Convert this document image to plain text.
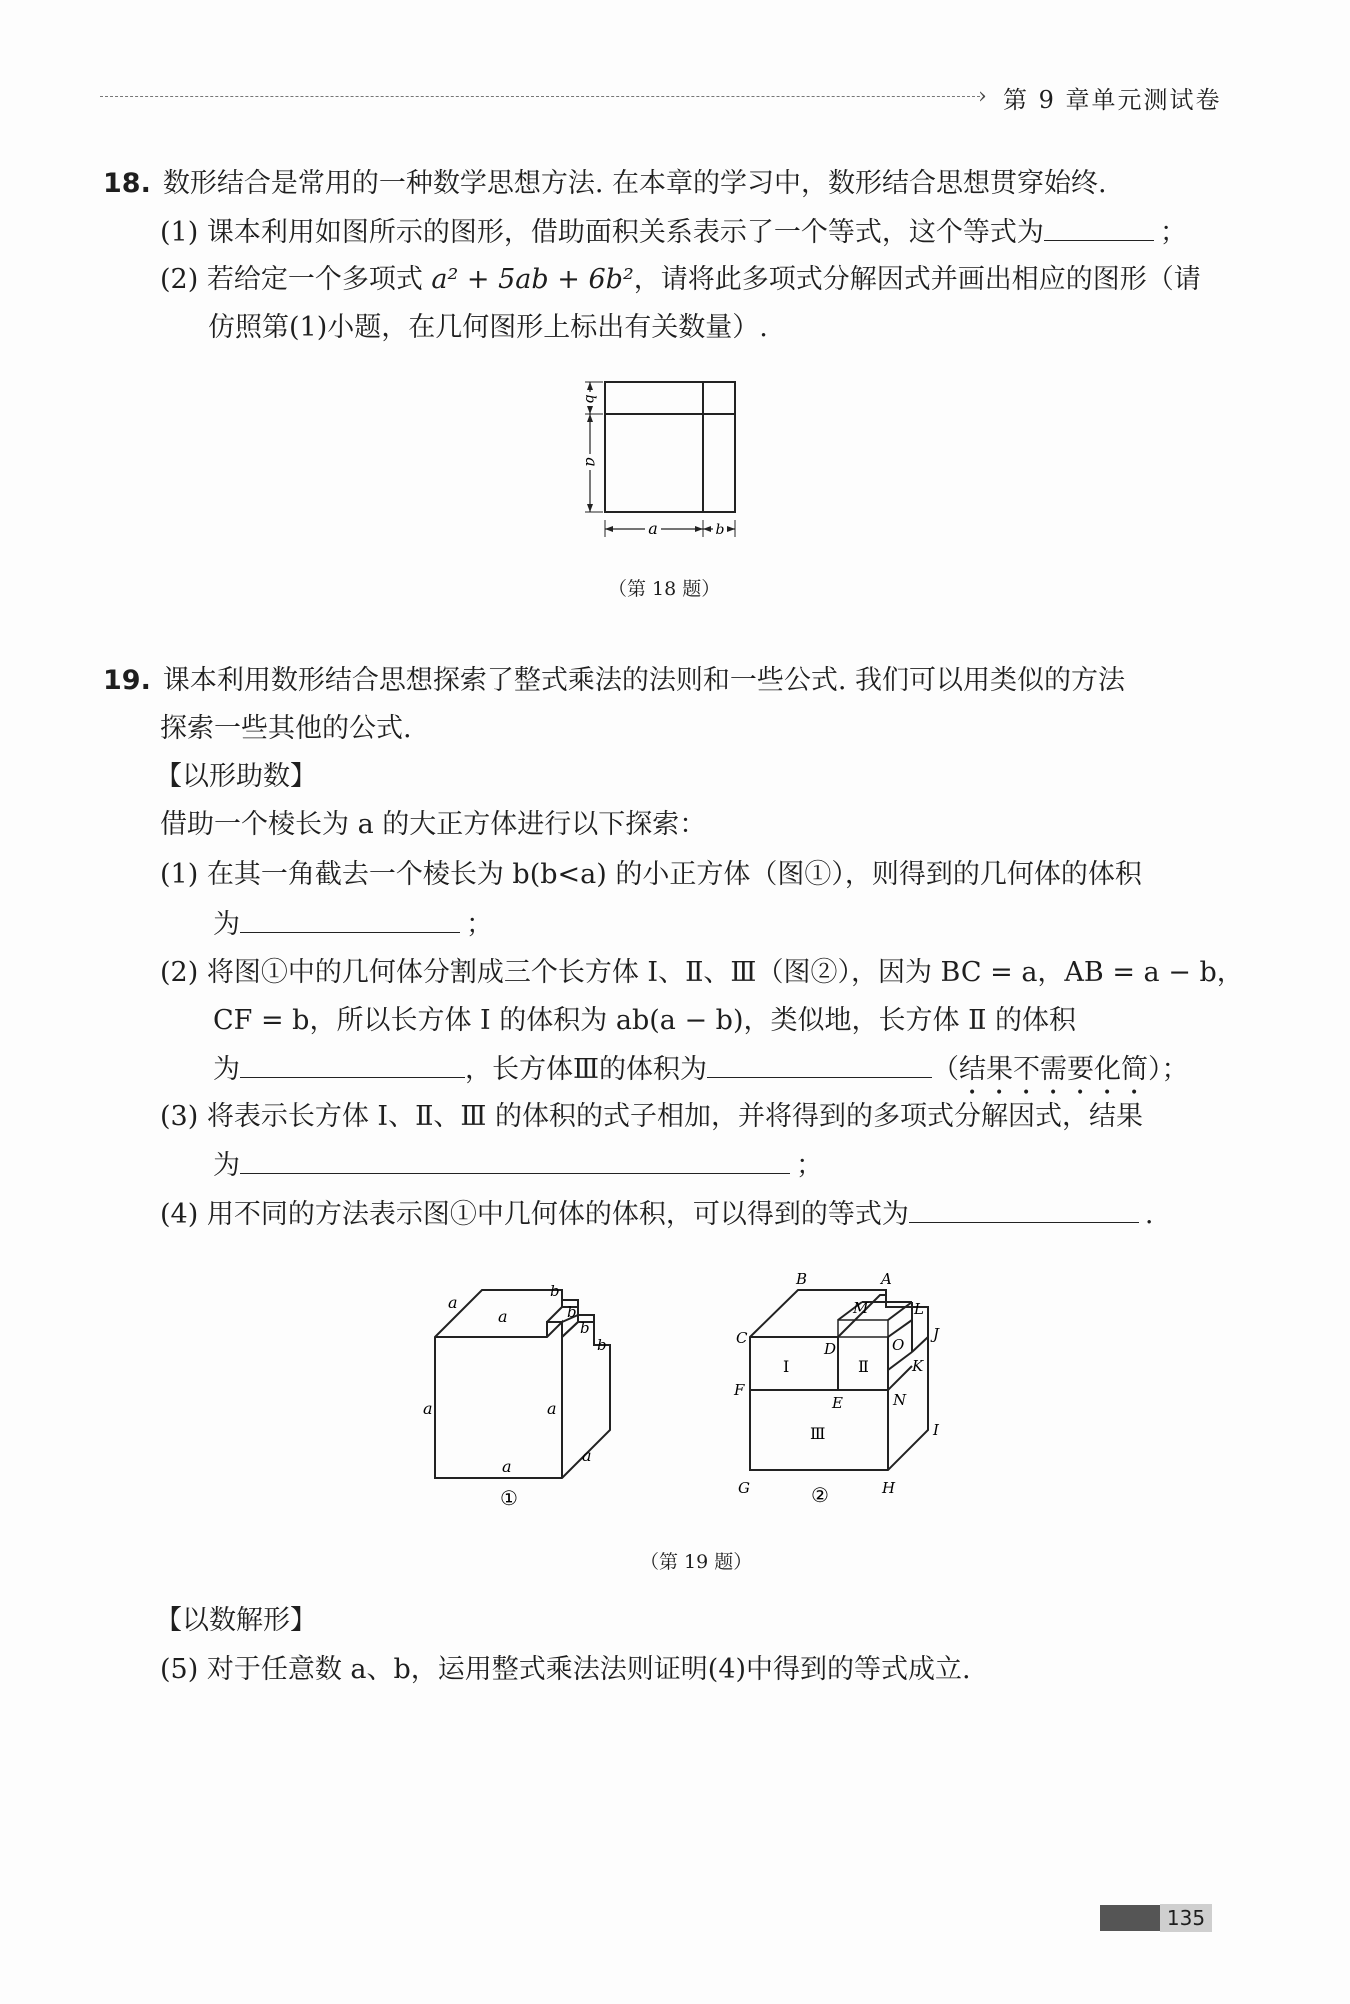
› 第 9 章单元测试卷
18. 数形结合是常用的一种数学思想方法. 在本章的学习中，数形结合思想贯穿始终.
(1) 课本利用如图所示的图形，借助面积关系表示了一个等式，这个等式为	；
(2) 若给定一个多项式 a² + 5ab + 6b²，请将此多项式分解因式并画出相应的图形（请
仿照第(1)小题，在几何图形上标出有关数量）.
b
a
a	b
（第 18 题）
19. 课本利用数形结合思想探索了整式乘法的法则和一些公式. 我们可以用类似的方法
探索一些其他的公式.
【以形助数】
借助一个棱长为 a 的大正方体进行以下探索：
(1) 在其一角截去一个棱长为 b(b<a) 的小正方体（图①），则得到的几何体的体积
为	；
(2) 将图①中的几何体分割成三个长方体 Ⅰ、Ⅱ、Ⅲ（图②），因为 BC = a，AB = a − b，
CF = b，所以长方体 Ⅰ 的体积为 ab(a − b)，类似地，长方体 Ⅱ 的体积
为	，长方体Ⅲ的体积为	（结果不需要化简）；
(3) 将表示长方体 Ⅰ、Ⅱ、Ⅲ 的体积的式子相加，并将得到的多项式分解因式，结果
为	；
(4) 用不同的方法表示图①中几何体的体积，可以得到的等式为	.
a
a
b
b
b
b
a	a
a
a
①
B	A
M	L
C	J
D	O
K
Ⅰ	Ⅱ
F
E	N
Ⅲ	I
G	②	H
（第 19 题）
【以数解形】
(5) 对于任意数 a、b，运用整式乘法法则证明(4)中得到的等式成立.
135
